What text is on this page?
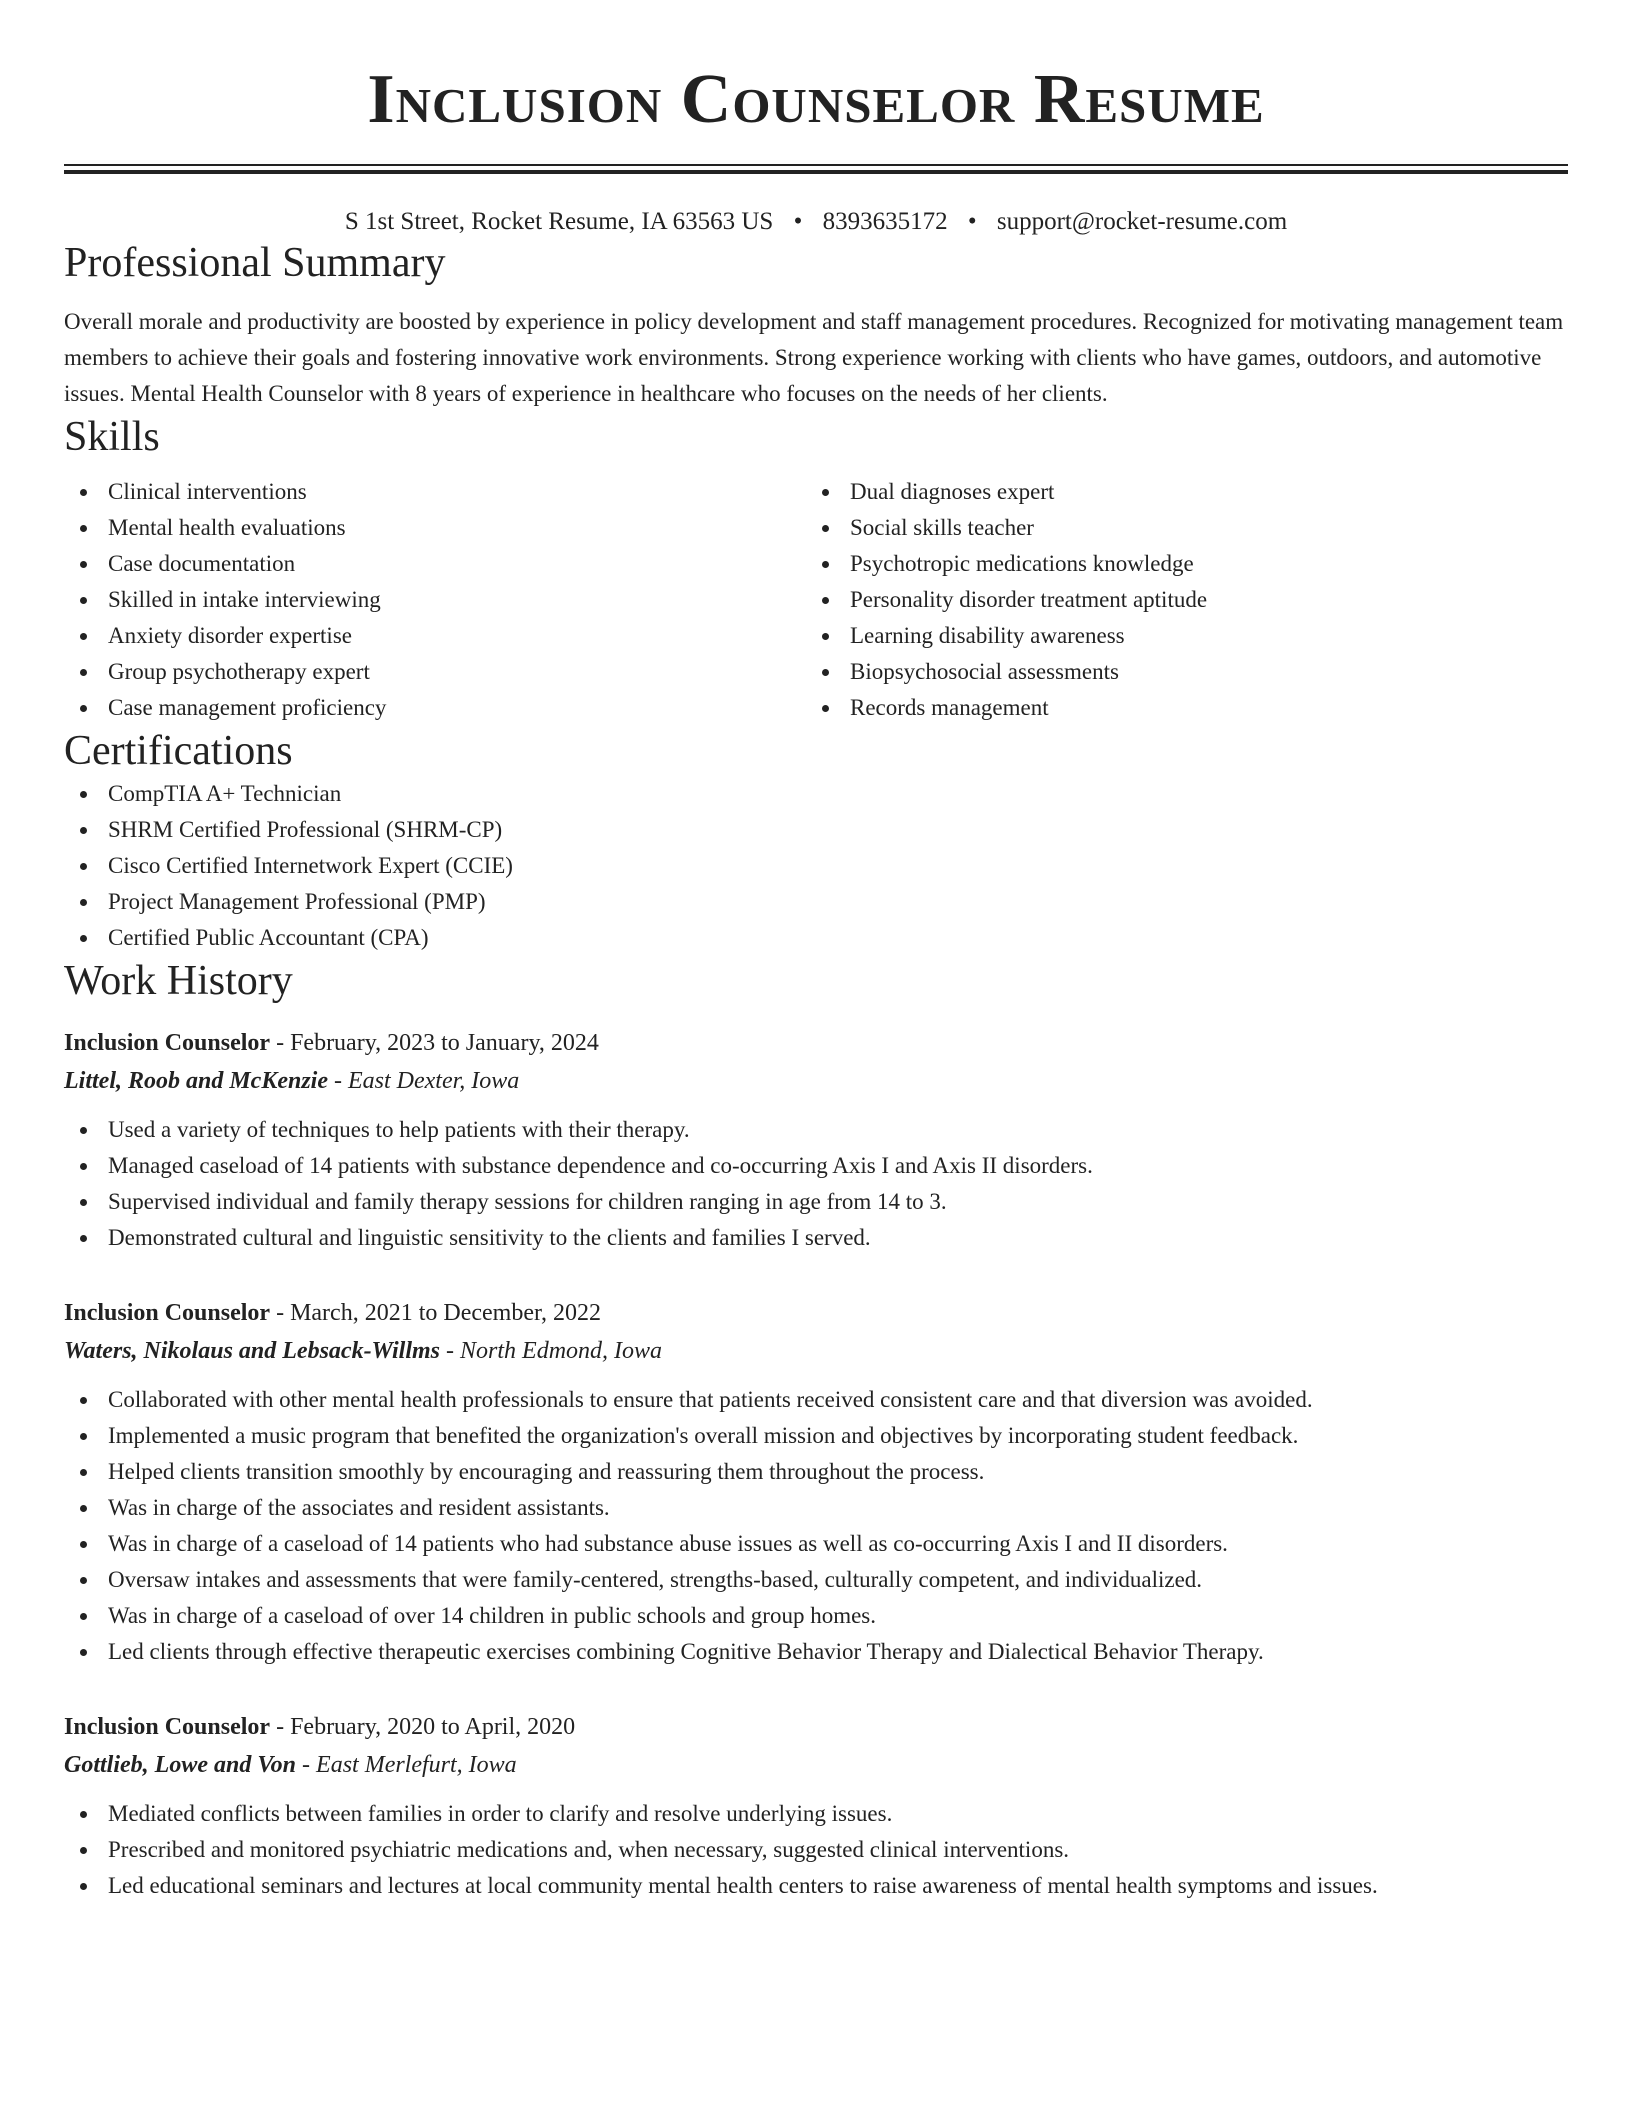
Inclusion Counselor Resume
S 1st Street, Rocket Resume, IA 63563 US • 8393635172 • support@rocket-resume.com
Professional Summary

Overall morale and productivity are boosted by experience in policy development and staff management procedures. Recognized for motivating management team members to achieve their goals and fostering innovative work environments. Strong experience working with clients who have games, outdoors, and automotive issues. Mental Health Counselor with 8 years of experience in healthcare who focuses on the needs of her clients.

Skills
Clinical interventions
Mental health evaluations
Case documentation
Skilled in intake interviewing
Anxiety disorder expertise
Group psychotherapy expert
Case management proficiency
Dual diagnoses expert
Social skills teacher
Psychotropic medications knowledge
Personality disorder treatment aptitude
Learning disability awareness
Biopsychosocial assessments
Records management
Certifications
CompTIA A+ Technician
SHRM Certified Professional (SHRM-CP)
Cisco Certified Internetwork Expert (CCIE)
Project Management Professional (PMP)
Certified Public Accountant (CPA)
Work History
Inclusion Counselor - February, 2023 to January, 2024
Littel, Roob and McKenzie - East Dexter, Iowa
Used a variety of techniques to help patients with their therapy.
Managed caseload of 14 patients with substance dependence and co-occurring Axis I and Axis II disorders.
Supervised individual and family therapy sessions for children ranging in age from 14 to 3.
Demonstrated cultural and linguistic sensitivity to the clients and families I served.
Inclusion Counselor - March, 2021 to December, 2022
Waters, Nikolaus and Lebsack-Willms - North Edmond, Iowa
Collaborated with other mental health professionals to ensure that patients received consistent care and that diversion was avoided.
Implemented a music program that benefited the organization's overall mission and objectives by incorporating student feedback.
Helped clients transition smoothly by encouraging and reassuring them throughout the process.
Was in charge of the associates and resident assistants.
Was in charge of a caseload of 14 patients who had substance abuse issues as well as co-occurring Axis I and II disorders.
Oversaw intakes and assessments that were family-centered, strengths-based, culturally competent, and individualized.
Was in charge of a caseload of over 14 children in public schools and group homes.
Led clients through effective therapeutic exercises combining Cognitive Behavior Therapy and Dialectical Behavior Therapy.
Inclusion Counselor - February, 2020 to April, 2020
Gottlieb, Lowe and Von - East Merlefurt, Iowa
Mediated conflicts between families in order to clarify and resolve underlying issues.
Prescribed and monitored psychiatric medications and, when necessary, suggested clinical interventions.
Led educational seminars and lectures at local community mental health centers to raise awareness of mental health symptoms and issues.
